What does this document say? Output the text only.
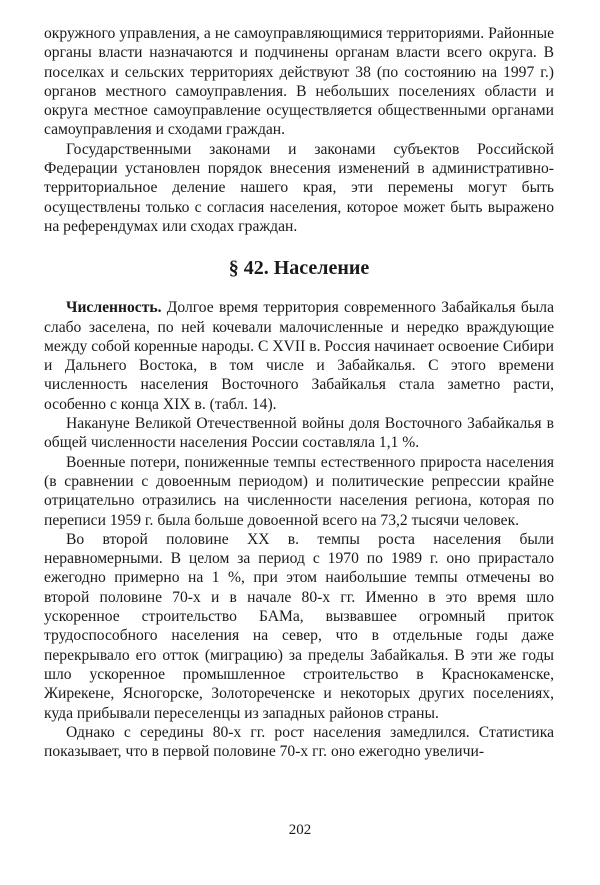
окружного управления, а не самоуправляющимися территориями. Районные органы власти назначаются и подчинены органам власти всего округа. В поселках и сельских территориях действуют 38 (по состоянию на 1997 г.) органов местного самоуправления. В небольших поселениях области и округа местное самоуправление осуществляется общественными органами самоуправления и сходами граждан.

Государственными законами и законами субъектов Российской Федерации установлен порядок внесения изменений в административно-территориальное деление нашего края, эти перемены могут быть осуществлены только с согласия населения, которое может быть выражено на референдумах или сходах граждан.

§ 42. Население

Численность. Долгое время территория современного Забайкалья была слабо заселена, по ней кочевали малочисленные и нередко враждующие между собой коренные народы. С XVII в. Россия начинает освоение Сибири и Дальнего Востока, в том числе и Забайкалья. С этого времени численность населения Восточного Забайкалья стала заметно расти, особенно с конца XIX в. (табл. 14).

Накануне Великой Отечественной войны доля Восточного Забайкалья в общей численности населения России составляла 1,1 %.

Военные потери, пониженные темпы естественного прироста населения (в сравнении с довоенным периодом) и политические репрессии крайне отрицательно отразились на численности населения региона, которая по переписи 1959 г. была больше довоенной всего на 73,2 тысячи человек.

Во второй половине XX в. темпы роста населения были неравномерными. В целом за период с 1970 по 1989 г. оно прирастало ежегодно примерно на 1 %, при этом наибольшие темпы отмечены во второй половине 70-х и в начале 80-х гг. Именно в это время шло ускоренное строительство БАМа, вызвавшее огромный приток трудоспособного населения на север, что в отдельные годы даже перекрывало его отток (миграцию) за пределы Забайкалья. В эти же годы шло ускоренное промышленное строительство в Краснокаменске, Жирекене, Ясногорске, Золотореченске и некоторых других поселениях, куда прибывали переселенцы из западных районов страны.

Однако с середины 80-х гг. рост населения замедлился. Статистика показывает, что в первой половине 70-х гг. оно ежегодно увеличи-

202
